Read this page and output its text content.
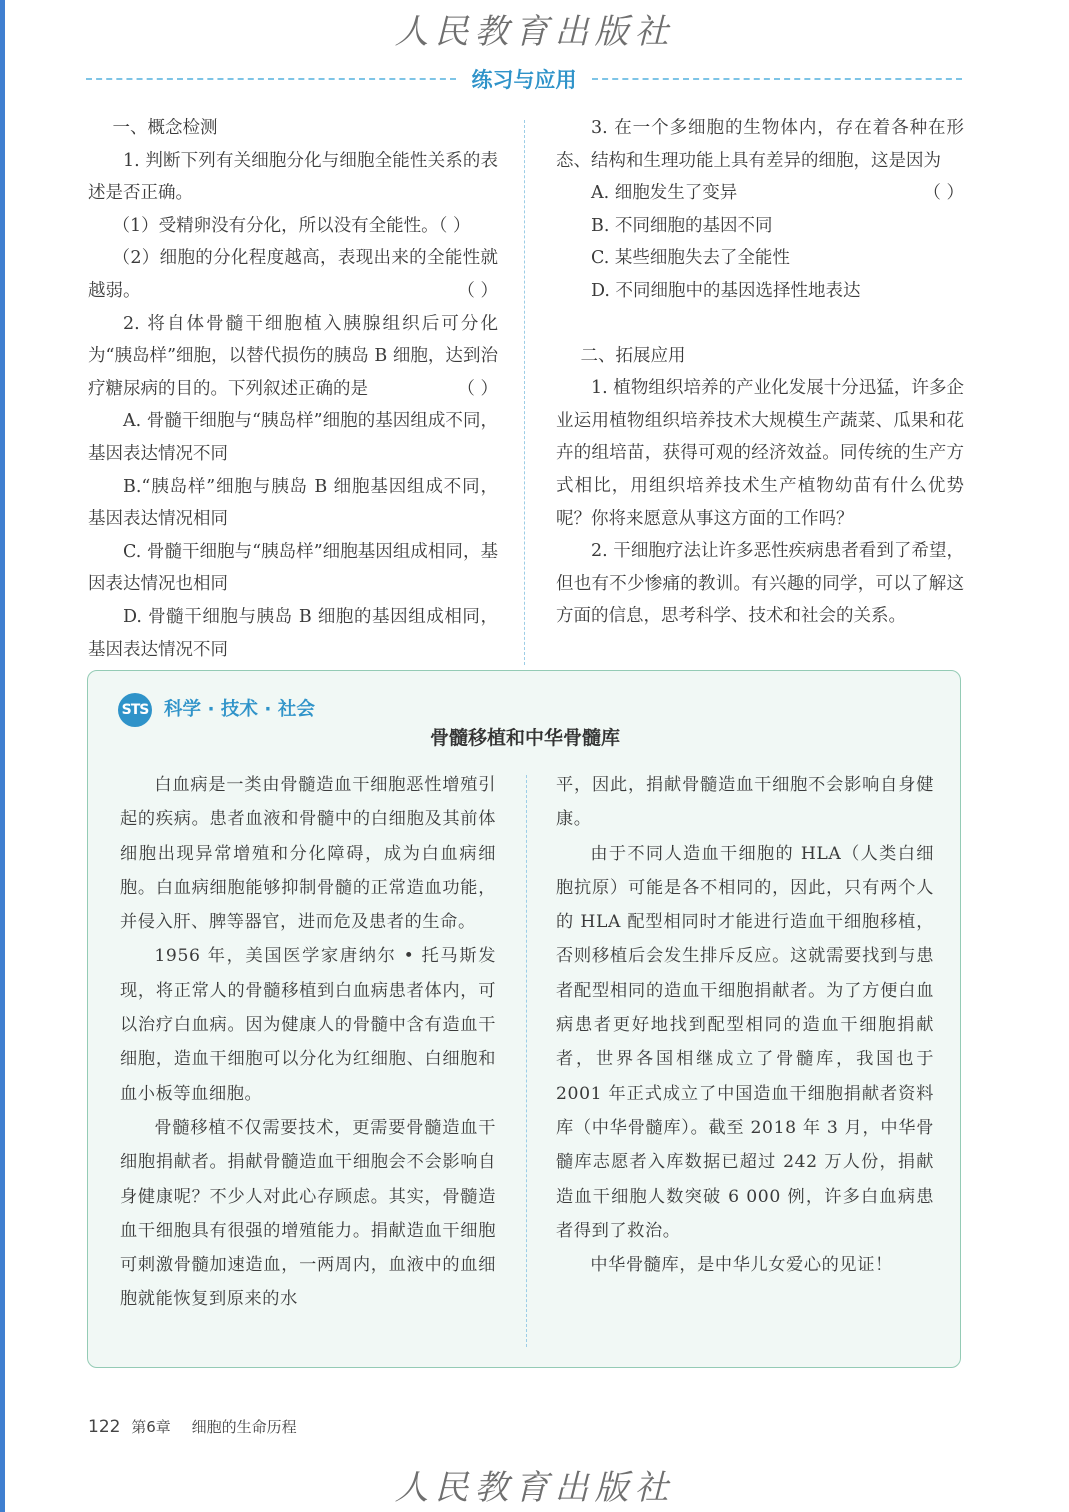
人民教育出版社
练习与应用

一、概念检测

1. 判断下列有关细胞分化与细胞全能性关系的表述是否正确。

（1）受精卵没有分化，所以没有全能性。（ ）

（2）细胞的分化程度越高，表现出来的全能性就越弱。	（ ）

2. 将自体骨髓干细胞植入胰腺组织后可分化为“胰岛样”细胞，以替代损伤的胰岛 B 细胞，达到治疗糖尿病的目的。下列叙述正确的是	（ ）

A. 骨髓干细胞与“胰岛样”细胞的基因组成不同，基因表达情况不同

B.“胰岛样”细胞与胰岛 B 细胞基因组成不同，基因表达情况相同

C. 骨髓干细胞与“胰岛样”细胞基因组成相同，基因表达情况也相同

D. 骨髓干细胞与胰岛 B 细胞的基因组成相同，基因表达情况不同

3. 在一个多细胞的生物体内，存在着各种在形态、结构和生理功能上具有差异的细胞，这是因为
（ ）

A. 细胞发生了变异

B. 不同细胞的基因不同

C. 某些细胞失去了全能性

D. 不同细胞中的基因选择性地表达

二、拓展应用

1. 植物组织培养的产业化发展十分迅猛，许多企业运用植物组织培养技术大规模生产蔬菜、瓜果和花卉的组培苗，获得可观的经济效益。同传统的生产方式相比，用组织培养技术生产植物幼苗有什么优势呢？你将来愿意从事这方面的工作吗？

2. 干细胞疗法让许多恶性疾病患者看到了希望，但也有不少惨痛的教训。有兴趣的同学，可以了解这方面的信息，思考科学、技术和社会的关系。

STS 科学 · 技术 · 社会
骨髓移植和中华骨髓库

白血病是一类由骨髓造血干细胞恶性增殖引起的疾病。患者血液和骨髓中的白细胞及其前体细胞出现异常增殖和分化障碍，成为白血病细胞。白血病细胞能够抑制骨髓的正常造血功能，并侵入肝、脾等器官，进而危及患者的生命。

1956 年，美国医学家唐纳尔 • 托马斯发现，将正常人的骨髓移植到白血病患者体内，可以治疗白血病。因为健康人的骨髓中含有造血干细胞，造血干细胞可以分化为红细胞、白细胞和血小板等血细胞。

骨髓移植不仅需要技术，更需要骨髓造血干细胞捐献者。捐献骨髓造血干细胞会不会影响自身健康呢？不少人对此心存顾虑。其实，骨髓造血干细胞具有很强的增殖能力。捐献造血干细胞可刺激骨髓加速造血，一两周内，血液中的血细胞就能恢复到原来的水

平，因此，捐献骨髓造血干细胞不会影响自身健康。

由于不同人造血干细胞的 HLA（人类白细胞抗原）可能是各不相同的，因此，只有两个人的 HLA 配型相同时才能进行造血干细胞移植，否则移植后会发生排斥反应。这就需要找到与患者配型相同的造血干细胞捐献者。为了方便白血病患者更好地找到配型相同的造血干细胞捐献者，世界各国相继成立了骨髓库，我国也于 2001 年正式成立了中国造血干细胞捐献者资料库（中华骨髓库）。截至 2018 年 3 月，中华骨髓库志愿者入库数据已超过 242 万人份，捐献造血干细胞人数突破 6 000 例，许多白血病患者得到了救治。

中华骨髓库，是中华儿女爱心的见证！

122 第6章 细胞的生命历程
人民教育出版社
